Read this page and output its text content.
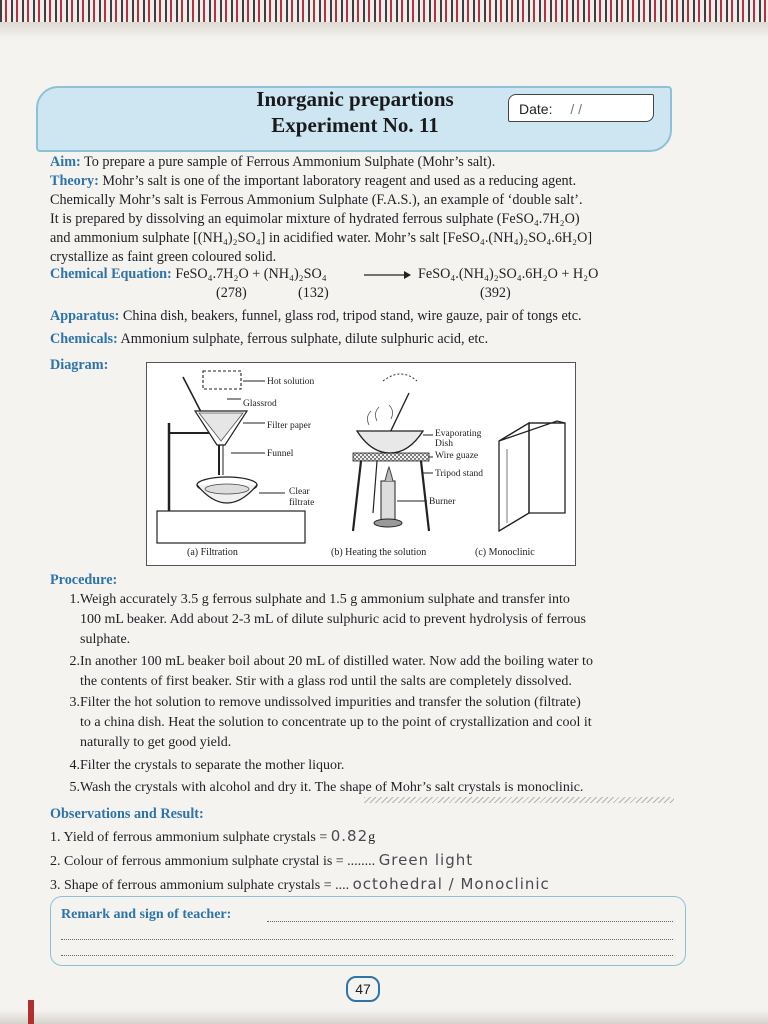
Inorganic prepartions
Experiment No. 11
Date: / /
Aim: To prepare a pure sample of Ferrous Ammonium Sulphate (Mohr’s salt).
Theory: Mohr’s salt is one of the important laboratory reagent and used as a reducing agent.
Chemically Mohr’s salt is Ferrous Ammonium Sulphate (F.A.S.), an example of ‘double salt’.
It is prepared by dissolving an equimolar mixture of hydrated ferrous sulphate (FeSO₄.7H₂O)
and ammonium sulphate [(NH₄)₂SO₄] in acidified water. Mohr’s salt [FeSO₄.(NH₄)₂SO₄.6H₂O]
crystallize as faint green coloured solid.
Chemical Equation: FeSO₄.7H₂O + (NH₄)₂SO₄ → FeSO₄.(NH₄)₂SO₄.6H₂O + H₂O
(278)	(132)	(392)
Apparatus: China dish, beakers, funnel, glass rod, tripod stand, wire gauze, pair of tongs etc.
Chemicals: Ammonium sulphate, ferrous sulphate, dilute sulphuric acid, etc.
Diagram:
Hot solution
Glassrod
Filter paper
Funnel
Clear
filtrate
Evaporating
Dish
Wire guaze
Tripod stand
Burner
(a) Filtration	(b) Heating the solution	(c) Monoclinic
Procedure:
1. Weigh accurately 3.5 g ferrous sulphate and 1.5 g ammonium sulphate and transfer into
100 mL beaker. Add about 2-3 mL of dilute sulphuric acid to prevent hydrolysis of ferrous
sulphate.
2. In another 100 mL beaker boil about 20 mL of distilled water. Now add the boiling water to
the contents of first beaker. Stir with a glass rod until the salts are completely dissolved.
3. Filter the hot solution to remove undissolved impurities and transfer the solution (filtrate)
to a china dish. Heat the solution to concentrate up to the point of crystallization and cool it
naturally to get good yield.
4. Filter the crystals to separate the mother liquor.
5. Wash the crystals with alcohol and dry it. The shape of Mohr’s salt crystals is monoclinic.
Observations and Result:
1. Yield of ferrous ammonium sulphate crystals = 0.82g
2. Colour of ferrous ammonium sulphate crystal is = ........ Green light
3. Shape of ferrous ammonium sulphate crystals = .... octohedral / Monoclinic
Remark and sign of teacher:
47
